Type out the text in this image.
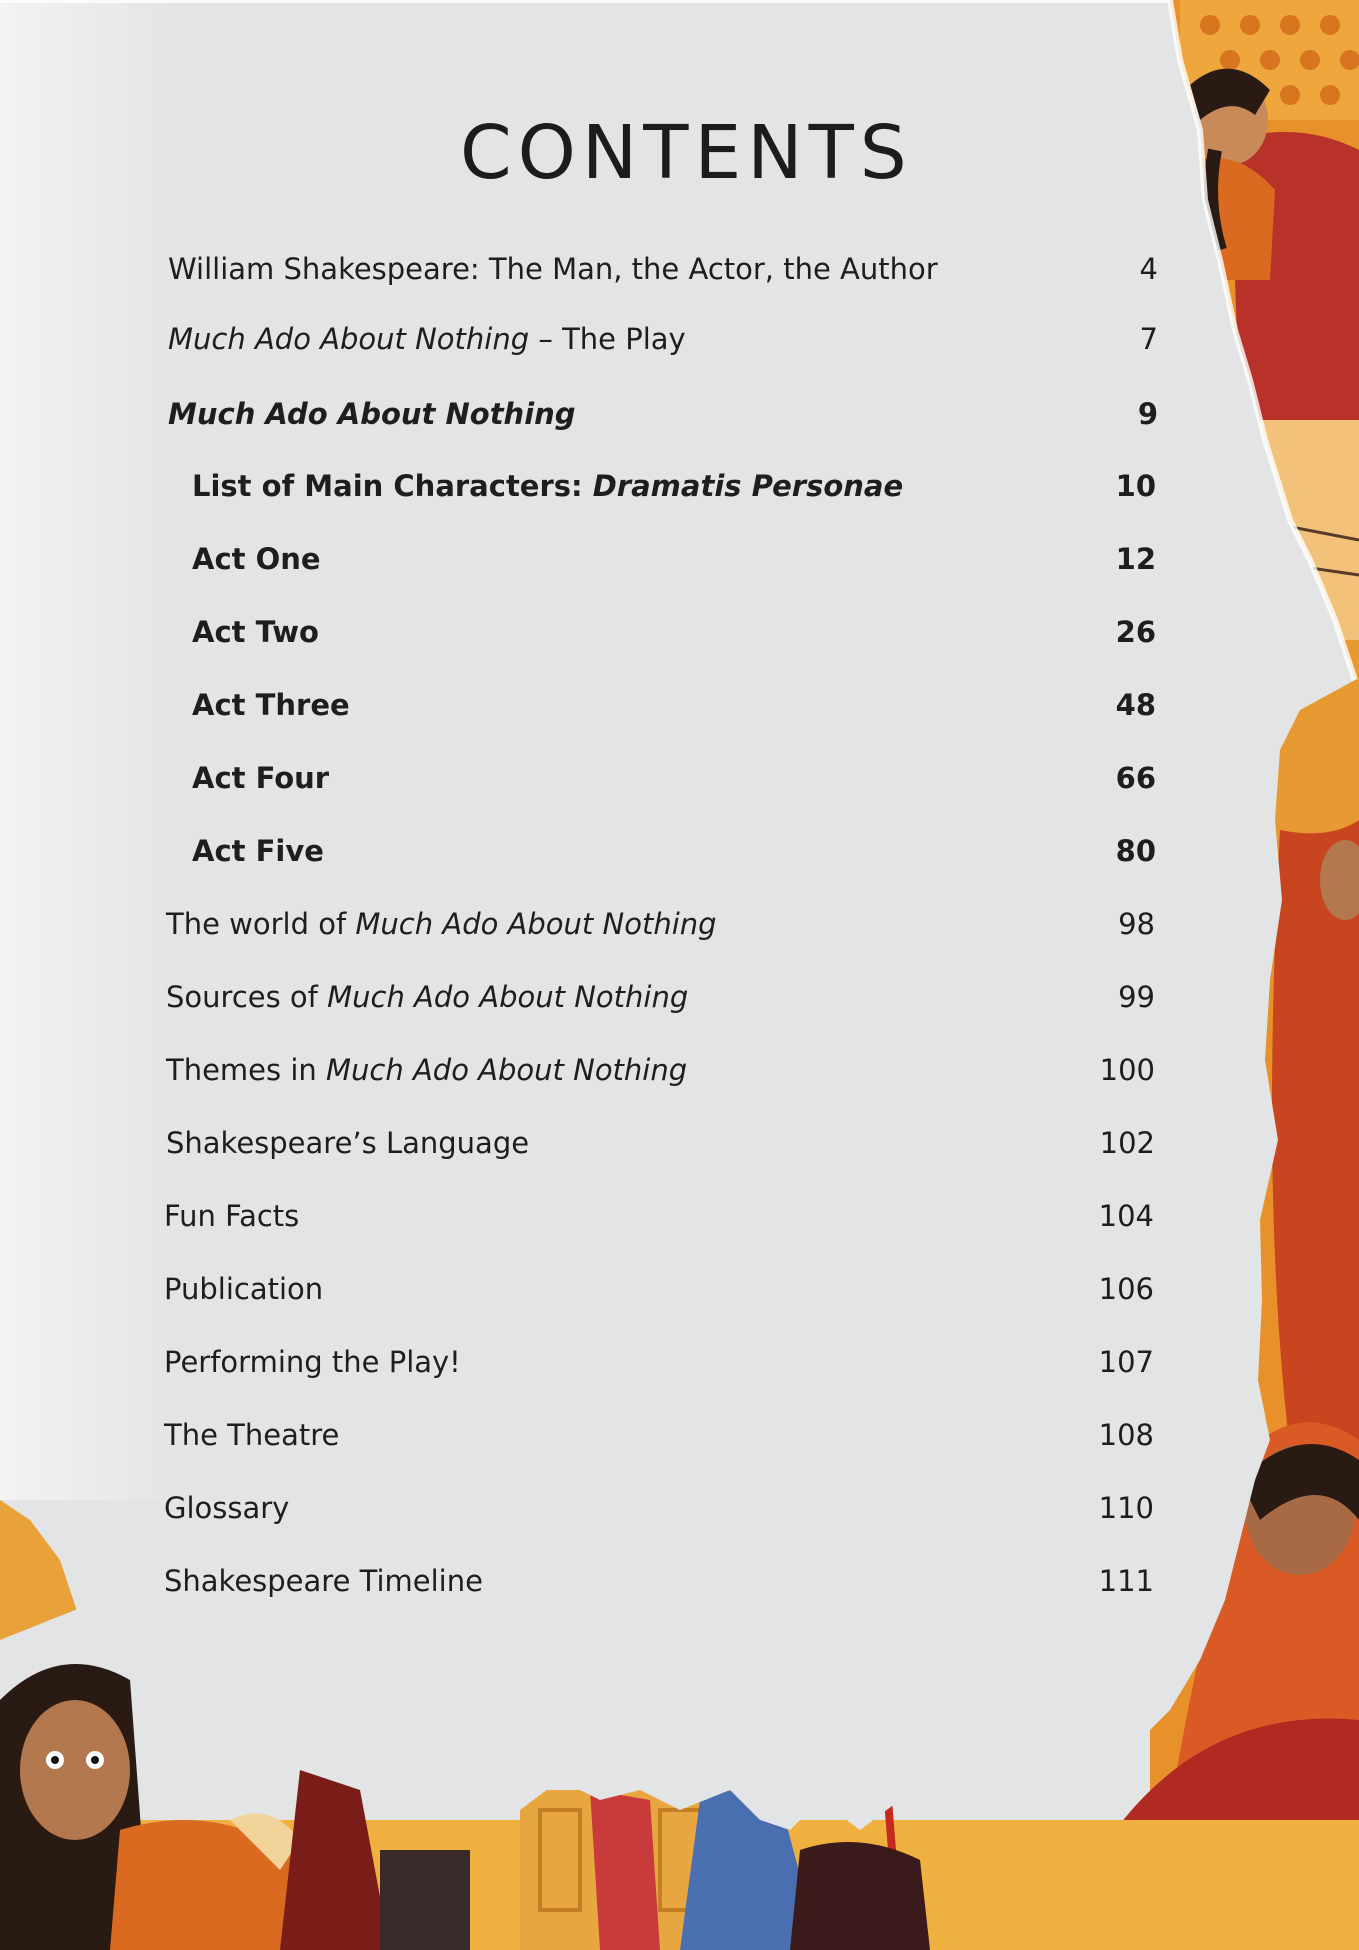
CONTENTS
William Shakespeare: The Man, the Actor, the Author	4
Much Ado About Nothing – The Play	7
Much Ado About Nothing	9
List of Main Characters: Dramatis Personae	10
Act One	12
Act Two	26
Act Three	48
Act Four	66
Act Five	80
The world of Much Ado About Nothing	98
Sources of Much Ado About Nothing	99
Themes in Much Ado About Nothing	100
Shakespeare’s Language	102
Fun Facts	104
Publication	106
Performing the Play!	107
The Theatre	108
Glossary	110
Shakespeare Timeline	111
